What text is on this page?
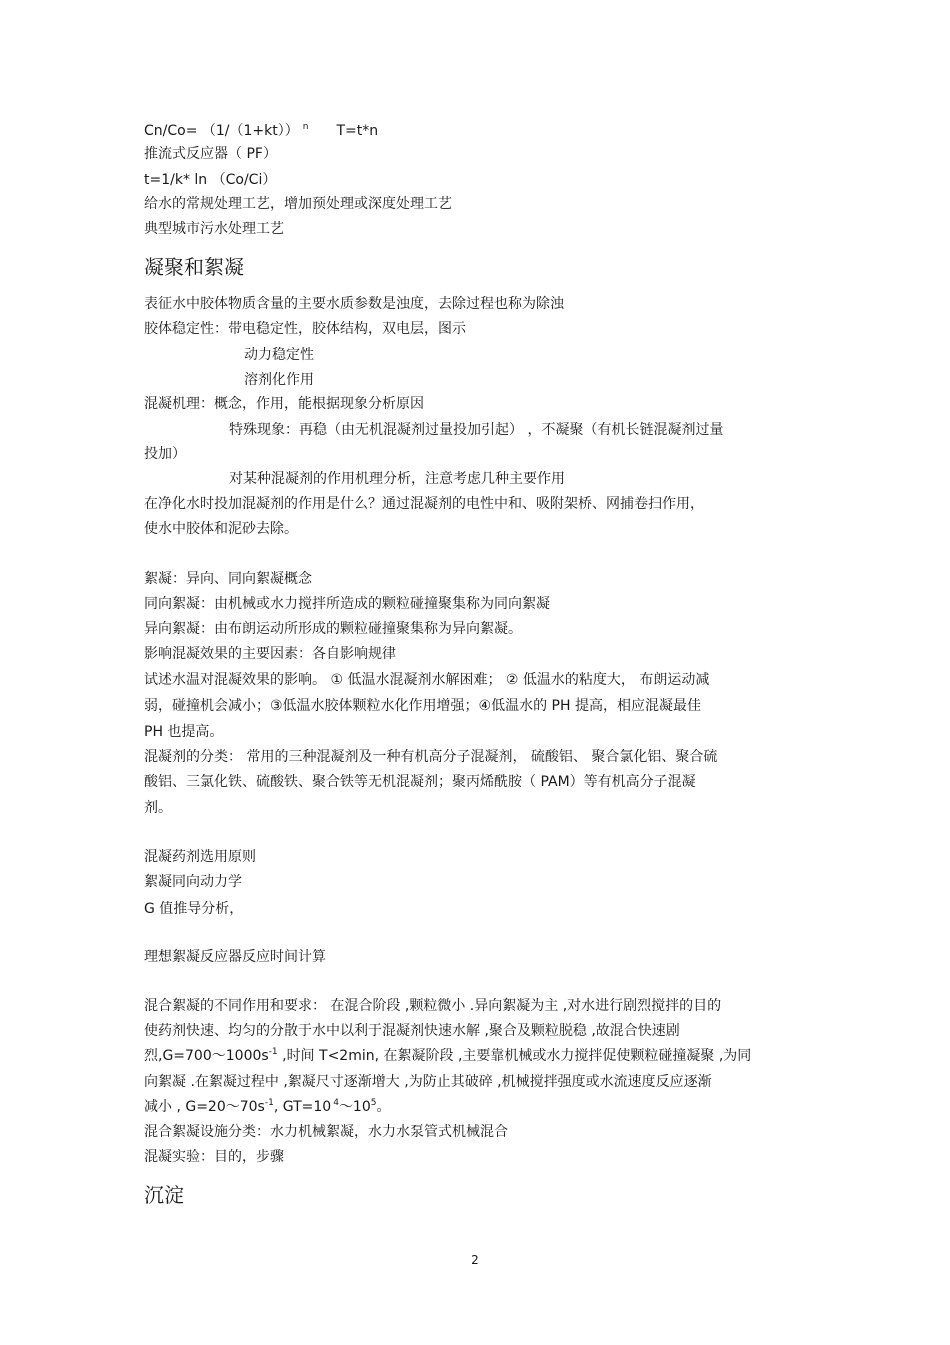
Cn/Co= （1/（1+kt）） $^n$ T=t*n
推流式反应器（ PF）
t=1/k* ln （Co/Ci）
给水的常规处理工艺，增加预处理或深度处理工艺
典型城市污水处理工艺
凝聚和絮凝
表征水中胶体物质含量的主要水质参数是浊度，去除过程也称为除浊
胶体稳定性：带电稳定性，胶体结构，双电层，图示
动力稳定性
溶剂化作用
混凝机理：概念，作用，能根据现象分析原因
特殊现象：再稳（由无机混凝剂过量投加引起） ，不凝聚（有机长链混凝剂过量
投加）
对某种混凝剂的作用机理分析，注意考虑几种主要作用
在净化水时投加混凝剂的作用是什么？通过混凝剂的电性中和、吸附架桥、网捕卷扫作用，
使水中胶体和泥砂去除。
絮凝：异向、同向絮凝概念
同向絮凝：由机械或水力搅拌所造成的颗粒碰撞聚集称为同向絮凝
异向絮凝：由布朗运动所形成的颗粒碰撞聚集称为异向絮凝。
影响混凝效果的主要因素：各自影响规律
试述水温对混凝效果的影响。 ① 低温水混凝剂水解困难； ② 低温水的粘度大， 布朗运动减
弱，碰撞机会减小；③低温水胶体颗粒水化作用增强；④低温水的 PH 提高，相应混凝最佳
PH 也提高。
混凝剂的分类： 常用的三种混凝剂及一种有机高分子混凝剂， 硫酸铝、 聚合氯化铝、聚合硫
酸铝、三氯化铁、硫酸铁、聚合铁等无机混凝剂；聚丙烯酰胺（ PAM）等有机高分子混凝
剂。
混凝药剂选用原则
絮凝同向动力学
G 值推导分析，
理想絮凝反应器反应时间计算
混合絮凝的不同作用和要求： 在混合阶段 ,颗粒微小 .异向絮凝为主 ,对水进行剧烈搅拌的目的
使药剂快速、均匀的分散于水中以利于混凝剂快速水解 ,聚合及颗粒脱稳 ,故混合快速剧
烈$,G=700\sim 1000s^{-1}$ ,时间 T<2min, 在絮凝阶段 ,主要靠机械或水力搅拌促使颗粒碰撞凝聚 ,为同
向絮凝 .在絮凝过程中 ,絮凝尺寸逐渐增大 ,为防止其破碎 ,机械搅拌强度或水流速度反应逐渐
减小 , $G=20\sim 70s^{-1}$, GT=10 $^4\sim 10^5$。
混合絮凝设施分类：水力机械絮凝，水力水泵管式机械混合
混凝实验：目的，步骤
沉淀
2
